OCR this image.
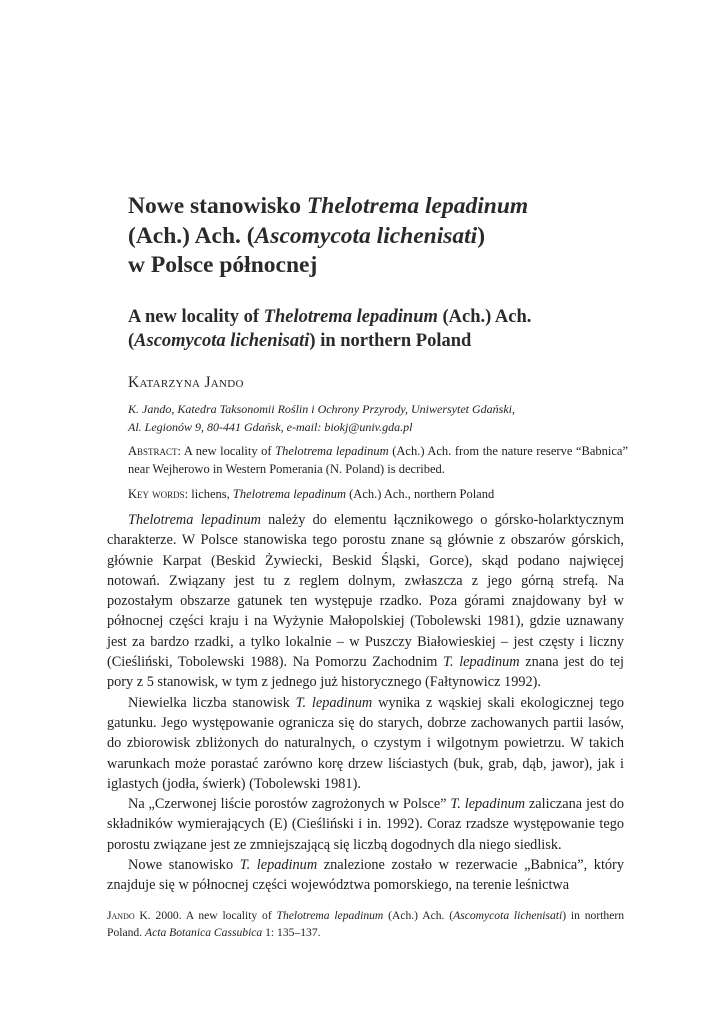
Nowe stanowisko Thelotrema lepadinum
(Ach.) Ach. (Ascomycota lichenisati)
w Polsce północnej
A new locality of Thelotrema lepadinum (Ach.) Ach.
(Ascomycota lichenisati) in northern Poland
Katarzyna Jando
K. Jando, Katedra Taksonomii Roślin i Ochrony Przyrody, Uniwersytet Gdański,
Al. Legionów 9, 80-441 Gdańsk, e-mail: biokj@univ.gda.pl
Abstract: A new locality of Thelotrema lepadinum (Ach.) Ach. from the nature reserve “Babnica” near Wejherowo in Western Pomerania (N. Poland) is decribed.
Key words: lichens, Thelotrema lepadinum (Ach.) Ach., northern Poland

Thelotrema lepadinum należy do elementu łącznikowego o górsko-holarktycznym charakterze. W Polsce stanowiska tego porostu znane są głównie z obszarów górskich, głównie Karpat (Beskid Żywiecki, Beskid Śląski, Gorce), skąd podano najwięcej notowań. Związany jest tu z reglem dolnym, zwłaszcza z jego górną strefą. Na pozostałym obszarze gatunek ten występuje rzadko. Poza górami znajdowany był w północnej części kraju i na Wyżynie Małopolskiej (Tobolewski 1981), gdzie uznawany jest za bardzo rzadki, a tylko lokalnie – w Puszczy Białowieskiej – jest częsty i liczny (Cieśliński, Tobolewski 1988). Na Pomorzu Zachodnim T. lepadinum znana jest do tej pory z 5 stanowisk, w tym z jednego już historycznego (Fałtynowicz 1992).

Niewielka liczba stanowisk T. lepadinum wynika z wąskiej skali ekologicznej tego gatunku. Jego występowanie ogranicza się do starych, dobrze zachowanych partii lasów, do zbiorowisk zbliżonych do naturalnych, o czystym i wilgotnym powietrzu. W takich warunkach może porastać zarówno korę drzew liściastych (buk, grab, dąb, jawor), jak i iglastych (jodła, świerk) (Tobolewski 1981).

Na „Czerwonej liście porostów zagrożonych w Polsce” T. lepadinum zaliczana jest do składników wymierających (E) (Cieśliński i in. 1992). Coraz rzadsze występowanie tego porostu związane jest ze zmniejszającą się liczbą dogodnych dla niego siedlisk.

Nowe stanowisko T. lepadinum znalezione zostało w rezerwacie „Babnica”, który znajduje się w północnej części województwa pomorskiego, na terenie leśnictwa

Jando K. 2000. A new locality of Thelotrema lepadinum (Ach.) Ach. (Ascomycota lichenisati) in northern Poland. Acta Botanica Cassubica 1: 135–137.
